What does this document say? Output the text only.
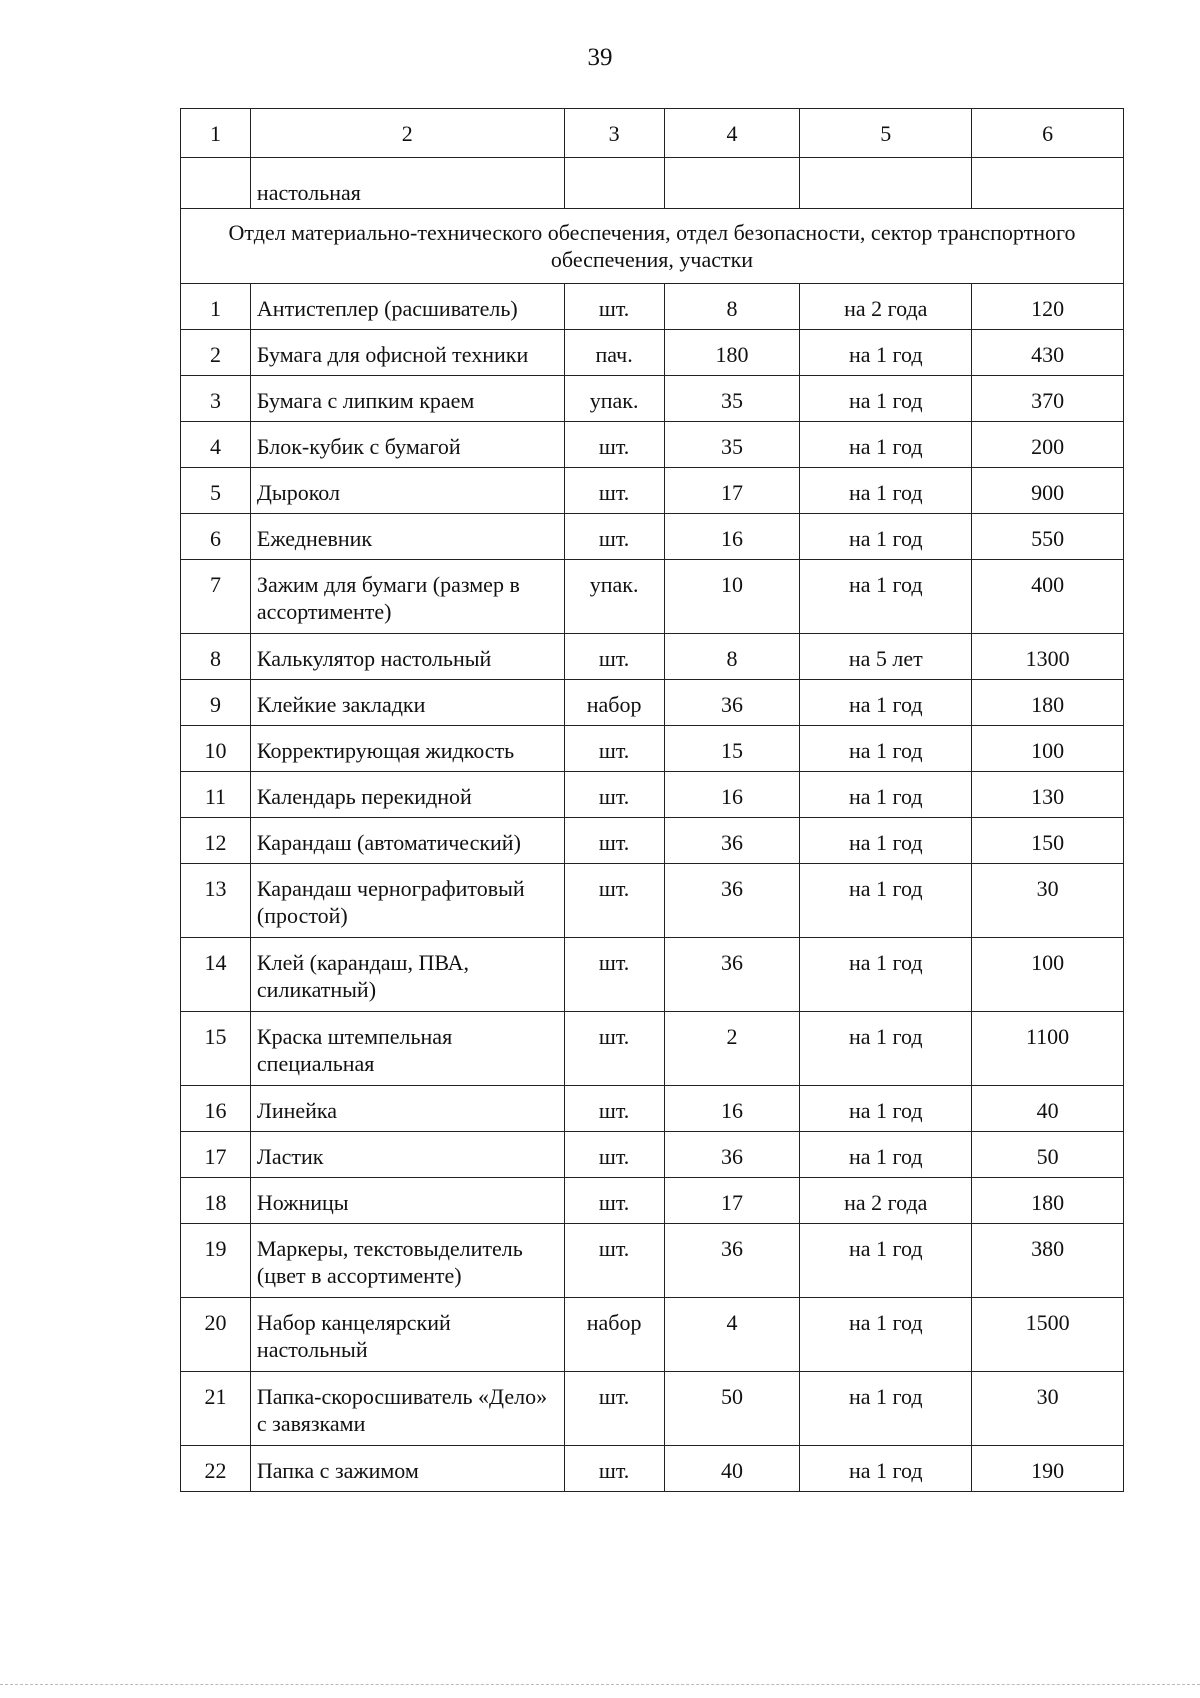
39
1	2	3	4	5	6
	настольная				
Отдел материально-технического обеспечения, отдел безопасности, сектор транспортного обеспечения, участки					
1	Антистеплер (расшиватель)	шт.	8	на 2 года	120
2	Бумага для офисной техники	пач.	180	на 1 год	430
3	Бумага с липким краем	упак.	35	на 1 год	370
4	Блок-кубик с бумагой	шт.	35	на 1 год	200
5	Дырокол	шт.	17	на 1 год	900
6	Ежедневник	шт.	16	на 1 год	550
7	Зажим для бумаги (размер в ассортименте)	упак.	10	на 1 год	400
8	Калькулятор настольный	шт.	8	на 5 лет	1300
9	Клейкие закладки	набор	36	на 1 год	180
10	Корректирующая жидкость	шт.	15	на 1 год	100
11	Календарь перекидной	шт.	16	на 1 год	130
12	Карандаш (автоматический)	шт.	36	на 1 год	150
13	Карандаш чернографитовый (простой)	шт.	36	на 1 год	30
14	Клей (карандаш, ПВА, силикатный)	шт.	36	на 1 год	100
15	Краска штемпельная специальная	шт.	2	на 1 год	1100
16	Линейка	шт.	16	на 1 год	40
17	Ластик	шт.	36	на 1 год	50
18	Ножницы	шт.	17	на 2 года	180
19	Маркеры, текстовыделитель (цвет в ассортименте)	шт.	36	на 1 год	380
20	Набор канцелярский настольный	набор	4	на 1 год	1500
21	Папка-скоросшиватель «Дело» с завязками	шт.	50	на 1 год	30
22	Папка с зажимом	шт.	40	на 1 год	190
